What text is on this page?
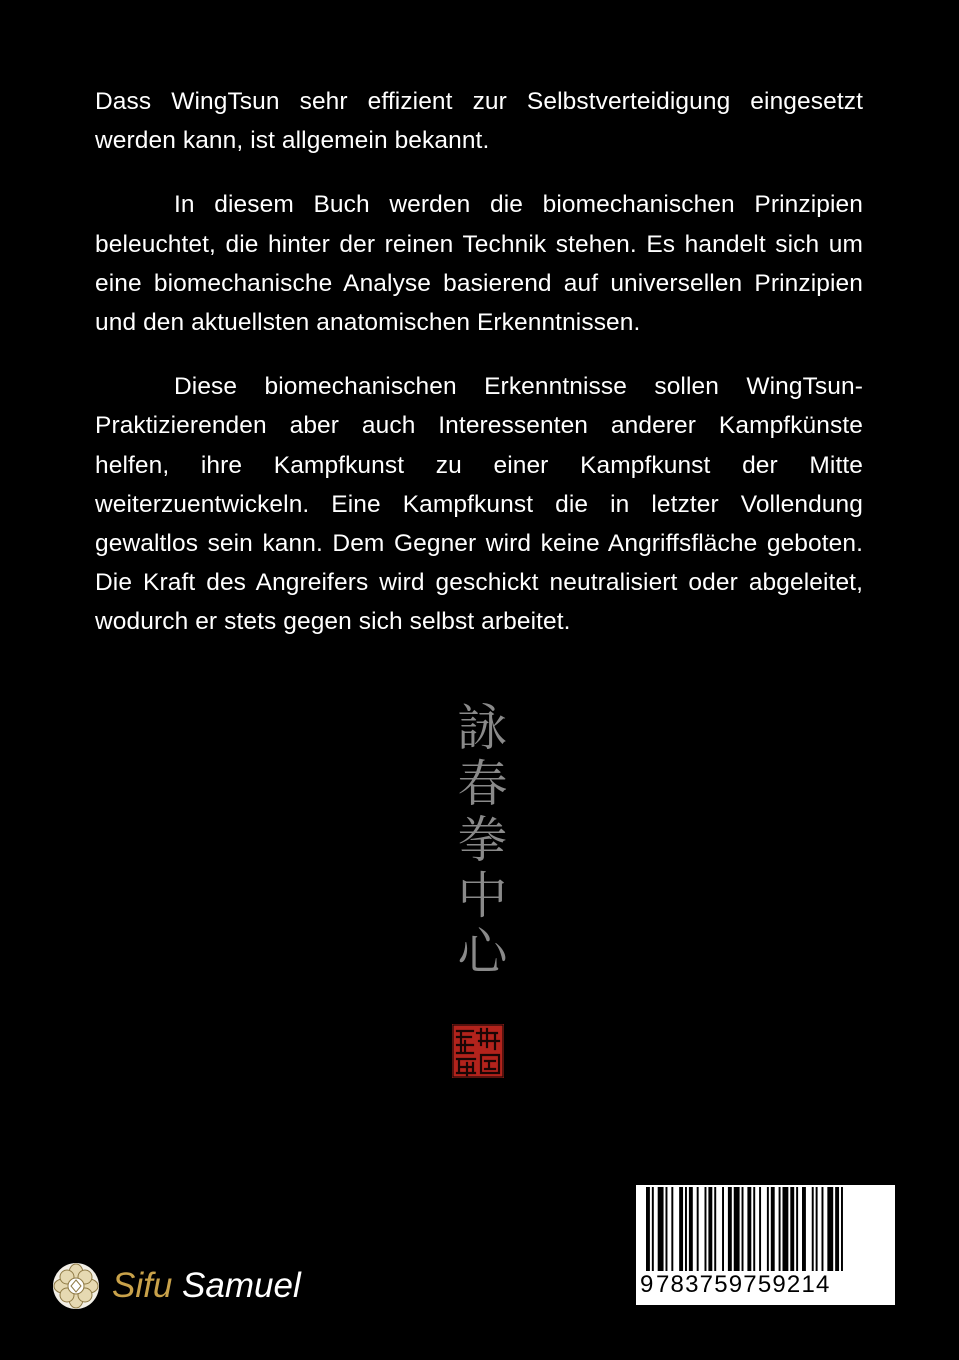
Dass WingTsun sehr effizient zur Selbstverteidigung eingesetzt werden kann, ist allgemein bekannt.

In diesem Buch werden die biomechanischen Prinzipien beleuchtet, die hinter der reinen Technik stehen. Es handelt sich um eine biomechanische Analyse basierend auf universellen Prinzipien und den aktuellsten anatomischen Erkenntnissen.

Diese biomechanischen Erkenntnisse sollen WingTsun-Praktizierenden aber auch Interessenten anderer Kampfkünste helfen, ihre Kampfkunst zu einer Kampfkunst der Mitte weiterzuentwickeln. Eine Kampfkunst die in letzter Vollendung gewaltlos sein kann. Dem Gegner wird keine Angriffsfläche geboten. Die Kraft des Angreifers wird geschickt neutralisiert oder abgeleitet, wodurch er stets gegen sich selbst arbeitet.

詠
春
拳
中
心
9 783759759214
Sifu Samuel
